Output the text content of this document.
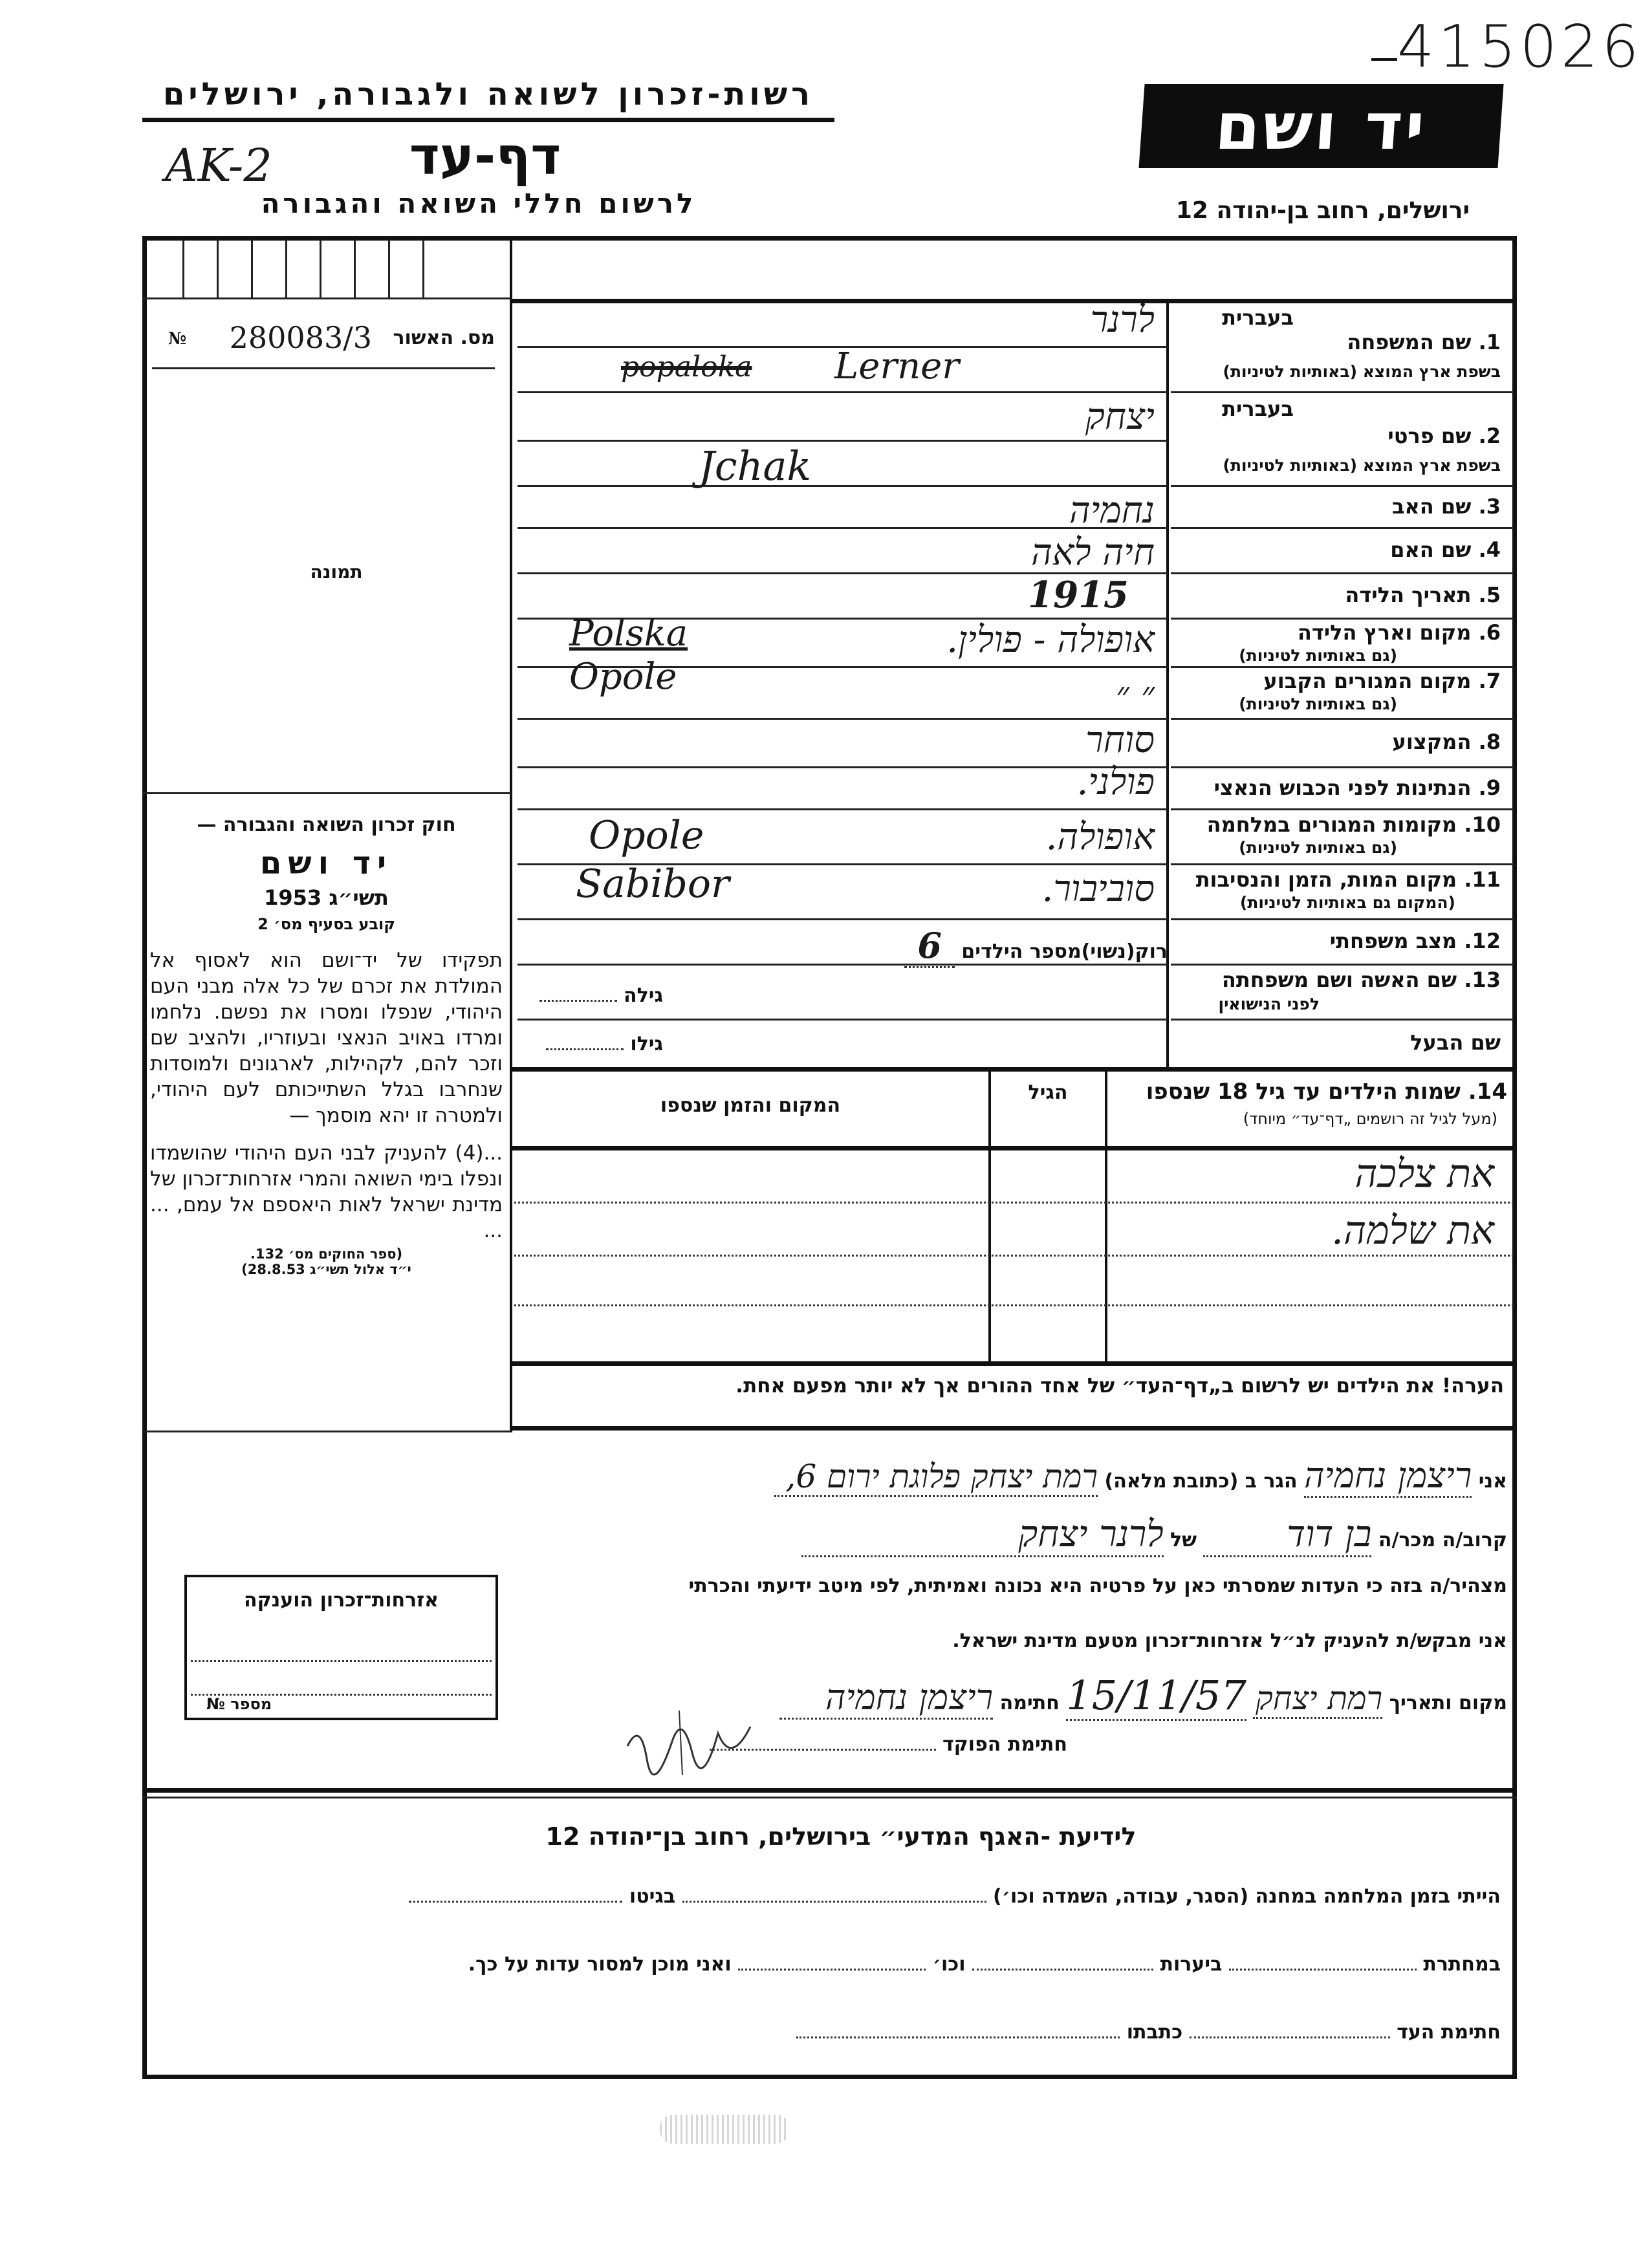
415026
רשות-זכרון לשואה ולגבורה, ירושלים
AK-2	דף-עד
לרשום חללי השואה והגבורה
יד ושם
ירושלים, רחוב בן-יהודה 12
מס. האשור
280083/3
№
תמונה
חוק זכרון השואה והגבורה —
יד ושם
תשי״ג 1953
קובע בסעיף מס׳ 2
תפקידו של יד־ושם הוא לאסוף אל המולדת את זכרם של כל אלה מבני העם היהודי, שנפלו ומסרו את נפשם. נלחמו ומרדו באויב הנאצי ובעוזריו, ולהציב שם וזכר להם, לקהילות, לארגונים ולמוסדות שנחרבו בגלל השתייכותם לעם היהודי, ולמטרה זו יהא מוסמך —
...(4) להעניק לבני העם היהודי שהושמדו ונפלו בימי השואה והמרי אזרחות־זכרון של מדינת ישראל לאות היאספם אל עמם, ... ...
(ספר החוקים מס׳ 132.
י״ד אלול תשי״ג 28.8.53)
אזרחות־זכרון הוענקה
מספר №
בעברית
1. שם המשפחה
בשפת ארץ המוצא (באותיות לטיניות)
לרנר
popaloka Lerner
בעברית
2. שם פרטי
בשפת ארץ המוצא (באותיות לטיניות)
יצחק
Jchak
3. שם האב
נחמיה
4. שם האם
חיה לאה
5. תאריך הלידה
1915
6. מקום וארץ הלידה
(גם באותיות לטיניות)
אופולה - פולין.
Polska
7. מקום המגורים הקבוע
(גם באותיות לטיניות)
״ ״
Opole
8. המקצוע
סוחר
9. הנתינות לפני הכבוש הנאצי
פולני.
10. מקומות המגורים במלחמה
(גם באותיות לטיניות)
אופולה.
Opole
11. מקום המות, הזמן והנסיבות
(המקום גם באותיות לטיניות)
סוביבור.
Sabibor
12. מצב משפחתי
רוק(נשוי)מספר הילדים 6
13. שם האשה ושם משפחתה
לפני הנישואין
גילה
שם הבעל
גילו
14. שמות הילדים עד גיל 18 שנספו
(מעל לגיל זה רושמים „דף־עד״ מיוחד)
הגיל
המקום והזמן שנספו
את צלכה
את שלמה.
הערה! את הילדים יש לרשום ב„דף־העד״ של אחד ההורים אך לא יותר מפעם אחת.
אני ריצמן נחמיה הגר ב (כתובת מלאה) רמת יצחק פלוגת ירום 6,
קרוב/ה מכר/ה בן דוד של לרנר יצחק
מצהיר/ה בזה כי העדות שמסרתי כאן על פרטיה היא נכונה ואמיתית, לפי מיטב ידיעתי והכרתי
אני מבקש/ת להעניק לנ״ל אזרחות־זכרון מטעם מדינת ישראל.
מקום ותאריך רמת יצחק 15/11/57 חתימה ריצמן נחמיה
חתימת הפוקד
לידיעת -האגף המדעי״ בירושלים, רחוב בן־יהודה 12
הייתי בזמן המלחמה במחנה (הסגר, עבודה, השמדה וכו׳)  בגיטו
במחתרת  ביערות  וכו׳  ואני מוכן למסור עדות על כך.
חתימת העד  כתבתו
